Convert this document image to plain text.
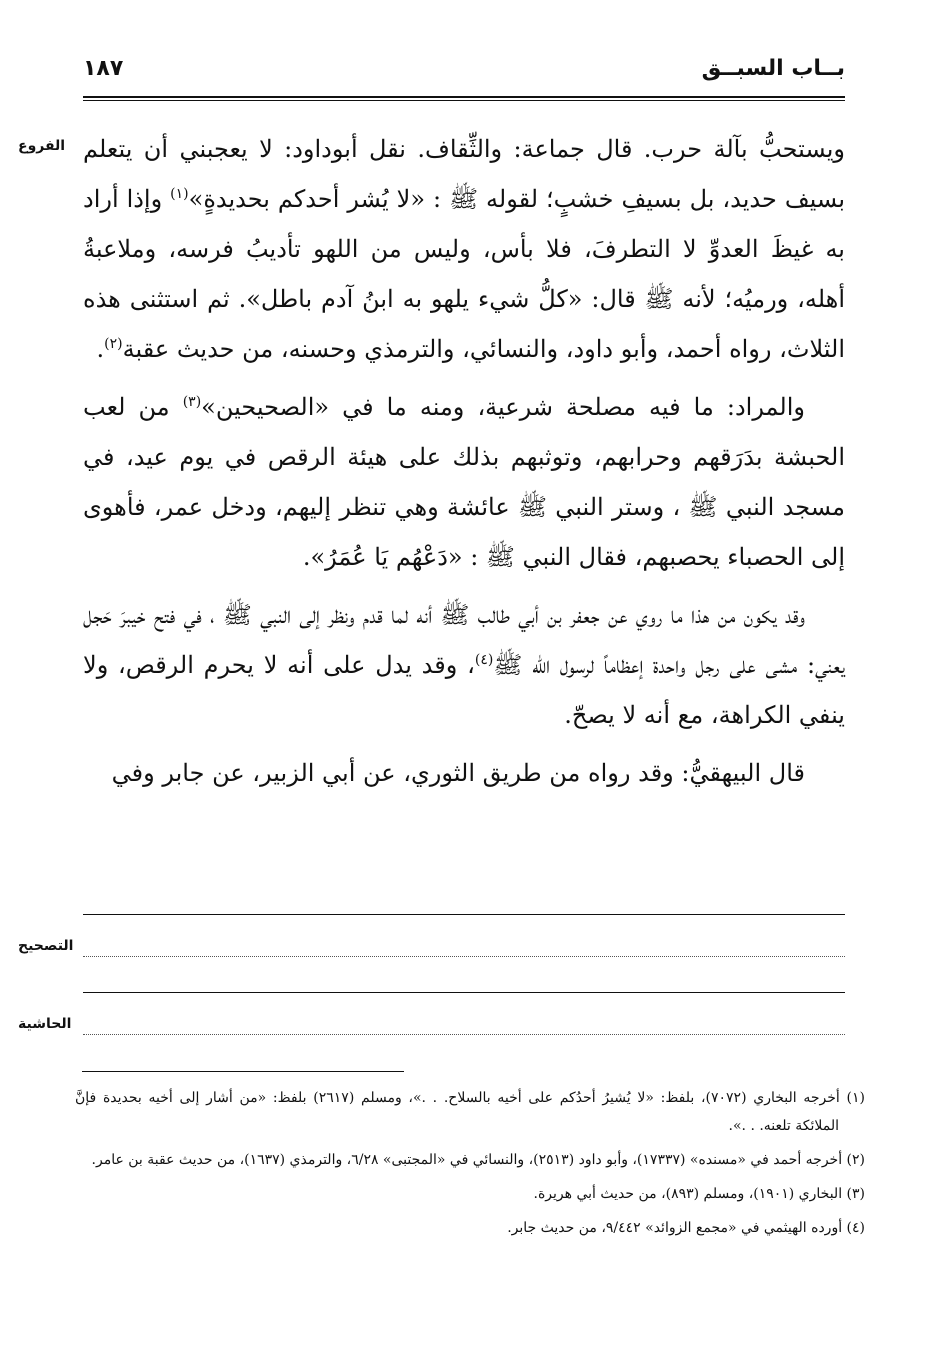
بــاب السبــق
١٨٧
الفروع ويستحبُّ بآلة حرب. قال جماعة: والثِّقاف. نقل أبوداود: لا يعجبني أن يتعلم بسيف حديد، بل بسيفِ خشبٍ؛ لقوله ﷺ : «لا يُشر أحدكم بحديدةٍ»$^{(١)}$ وإذا أراد به غيظَ العدوِّ لا التطرفَ، فلا بأس، وليس من اللهو تأديبُ فرسه، وملاعبةُ أهله، ورميُه؛ لأنه ﷺ قال: «كلُّ شيء يلهو به ابنُ آدم باطل». ثم استثنى هذه الثلاث، رواه أحمد، وأبو داود، والنسائي، والترمذي وحسنه، من حديث عقبة$^{(٢)}$.

والمراد: ما فيه مصلحة شرعية، ومنه ما في «الصحيحين»$^{(٣)}$ من لعب الحبشة بدَرَقهم وحرابهم، وتوثبهم بذلك على هيئة الرقص في يوم عيد، في مسجد النبي ﷺ ، وستر النبي ﷺ عائشة وهي تنظر إليهم، ودخل عمر، فأهوى إلى الحصباء يحصبهم، فقال النبي ﷺ : «دَعْهُم يَا عُمَرُ».

وقد يكون من هذا ما روي عن جعفر بن أبي طالب ﷺ أنه لما قدم ونظر إلى النبي ﷺ ، في فتح خيبرَ حَجل يعني: مشى على رجل واحدة إعظاماً لرسول الله ﷺ$^{(٤)}$، وقد يدل على أنه لا يحرم الرقص، ولا ينفي الكراهة، مع أنه لا يصحّ.

قال البيهقيُّ: وقد رواه من طريق الثوري، عن أبي الزبير، عن جابر وفي

التصحيح
الحاشية

(١) أخرجه البخاري (٧٠٧٢)، بلفظ: «لا يُشيرُ أحدُكم على أخيه بالسلاح. . .»، ومسلم (٢٦١٧) بلفظ: «من أشار إلى أخيه بحديدة فإنَّ الملائكة تلعنه. . .».

(٢) أخرجه أحمد في «مسنده» (١٧٣٣٧)، وأبو داود (٢٥١٣)، والنسائي في «المجتبى» ٦/٢٨، والترمذي (١٦٣٧)، من حديث عقبة بن عامر.

(٣) البخاري (١٩٠١)، ومسلم (٨٩٣)، من حديث أبي هريرة.

(٤) أورده الهيثمي في «مجمع الزوائد» ٩/٤٤٢، من حديث جابر.
